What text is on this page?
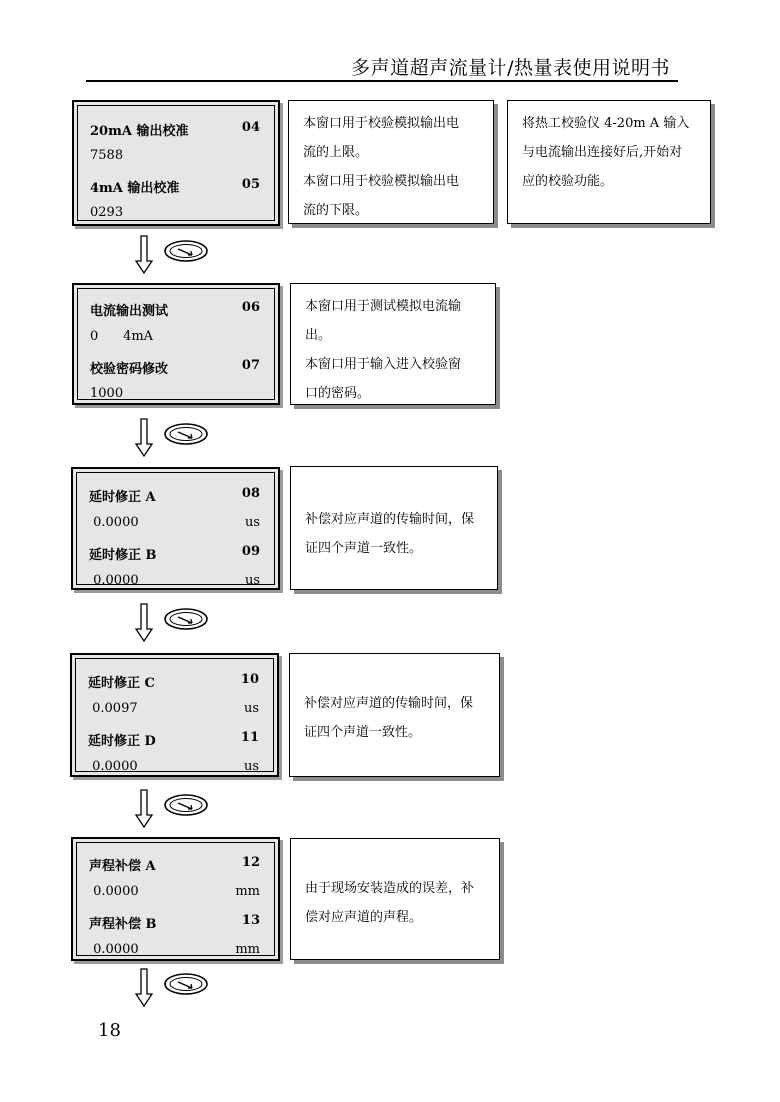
多声道超声流量计/热量表使用说明书
20mA 输出校准	04
7588
4mA 输出校准	05
0293

本窗口用于校验模拟输出电

流的上限。

本窗口用于校验模拟输出电

流的下限。

将热工校验仪 4-20m A 输入

与电流输出连接好后,开始对

应的校验功能。

电流输出测试	06
0      4mA
校验密码修改	07
1000

本窗口用于测试模拟电流输

出。

本窗口用于输入进入校验窗

口的密码。

延时修正 A	08
0.0000	us
延时修正 B	09
0.0000	us

补偿对应声道的传输时间，保

证四个声道一致性。

延时修正 C	10
0.0097	us
延时修正 D	11
0.0000	us

补偿对应声道的传输时间，保

证四个声道一致性。

声程补偿 A	12
0.0000	mm
声程补偿 B	13
0.0000	mm

由于现场安装造成的误差，补

偿对应声道的声程。

18
